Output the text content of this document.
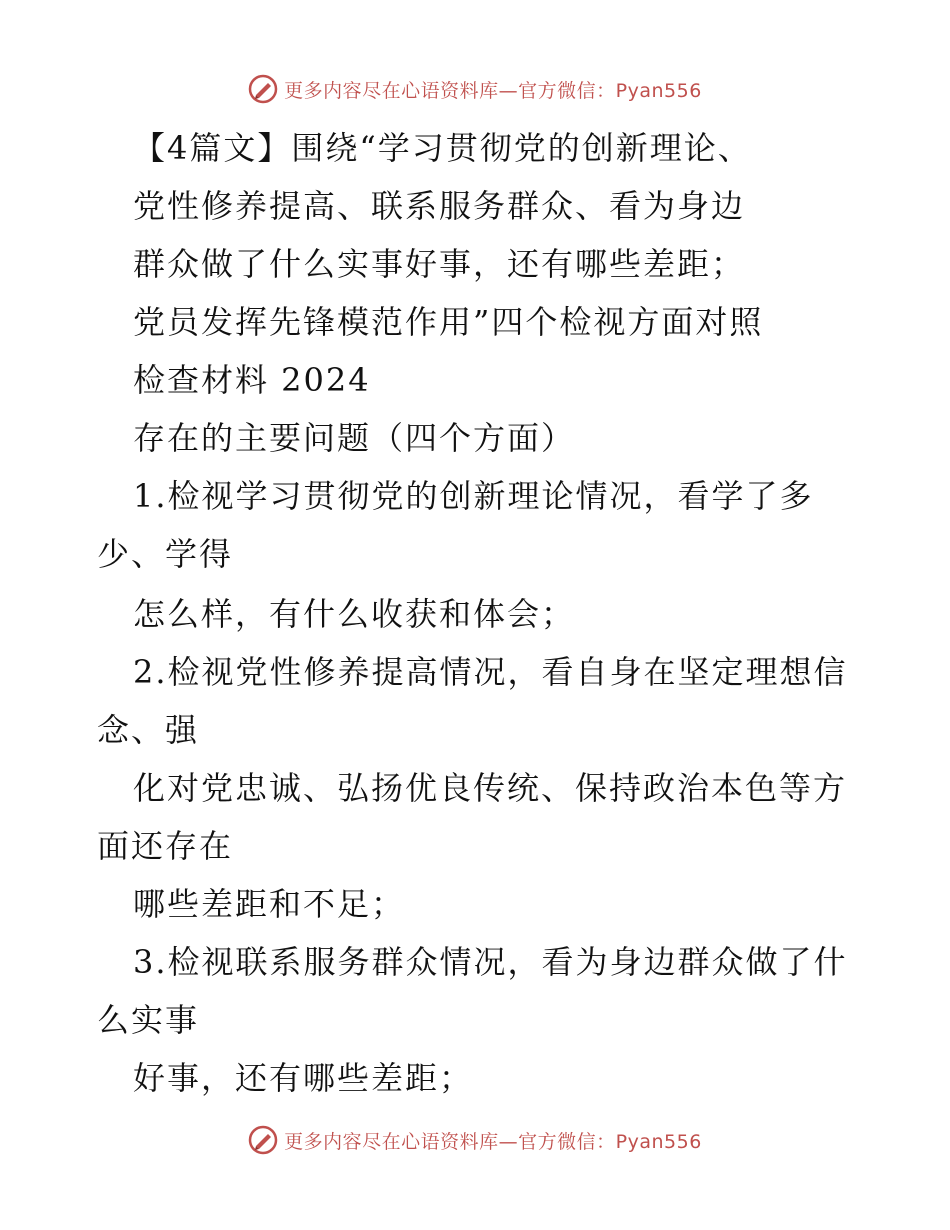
更多内容尽在心语资料库—官方微信：Pyan556
【4篇文】围绕“学习贯彻党的创新理论、
党性修养提高、联系服务群众、看为身边
群众做了什么实事好事，还有哪些差距；
党员发挥先锋模范作用”四个检视方面对照
检查材料 2024
存在的主要问题（四个方面）
1.检视学习贯彻党的创新理论情况，看学了多
少、学得
怎么样，有什么收获和体会；
2.检视党性修养提高情况，看自身在坚定理想信
念、强
化对党忠诚、弘扬优良传统、保持政治本色等方
面还存在
哪些差距和不足；
3.检视联系服务群众情况，看为身边群众做了什
么实事
好事，还有哪些差距；
更多内容尽在心语资料库—官方微信：Pyan556
